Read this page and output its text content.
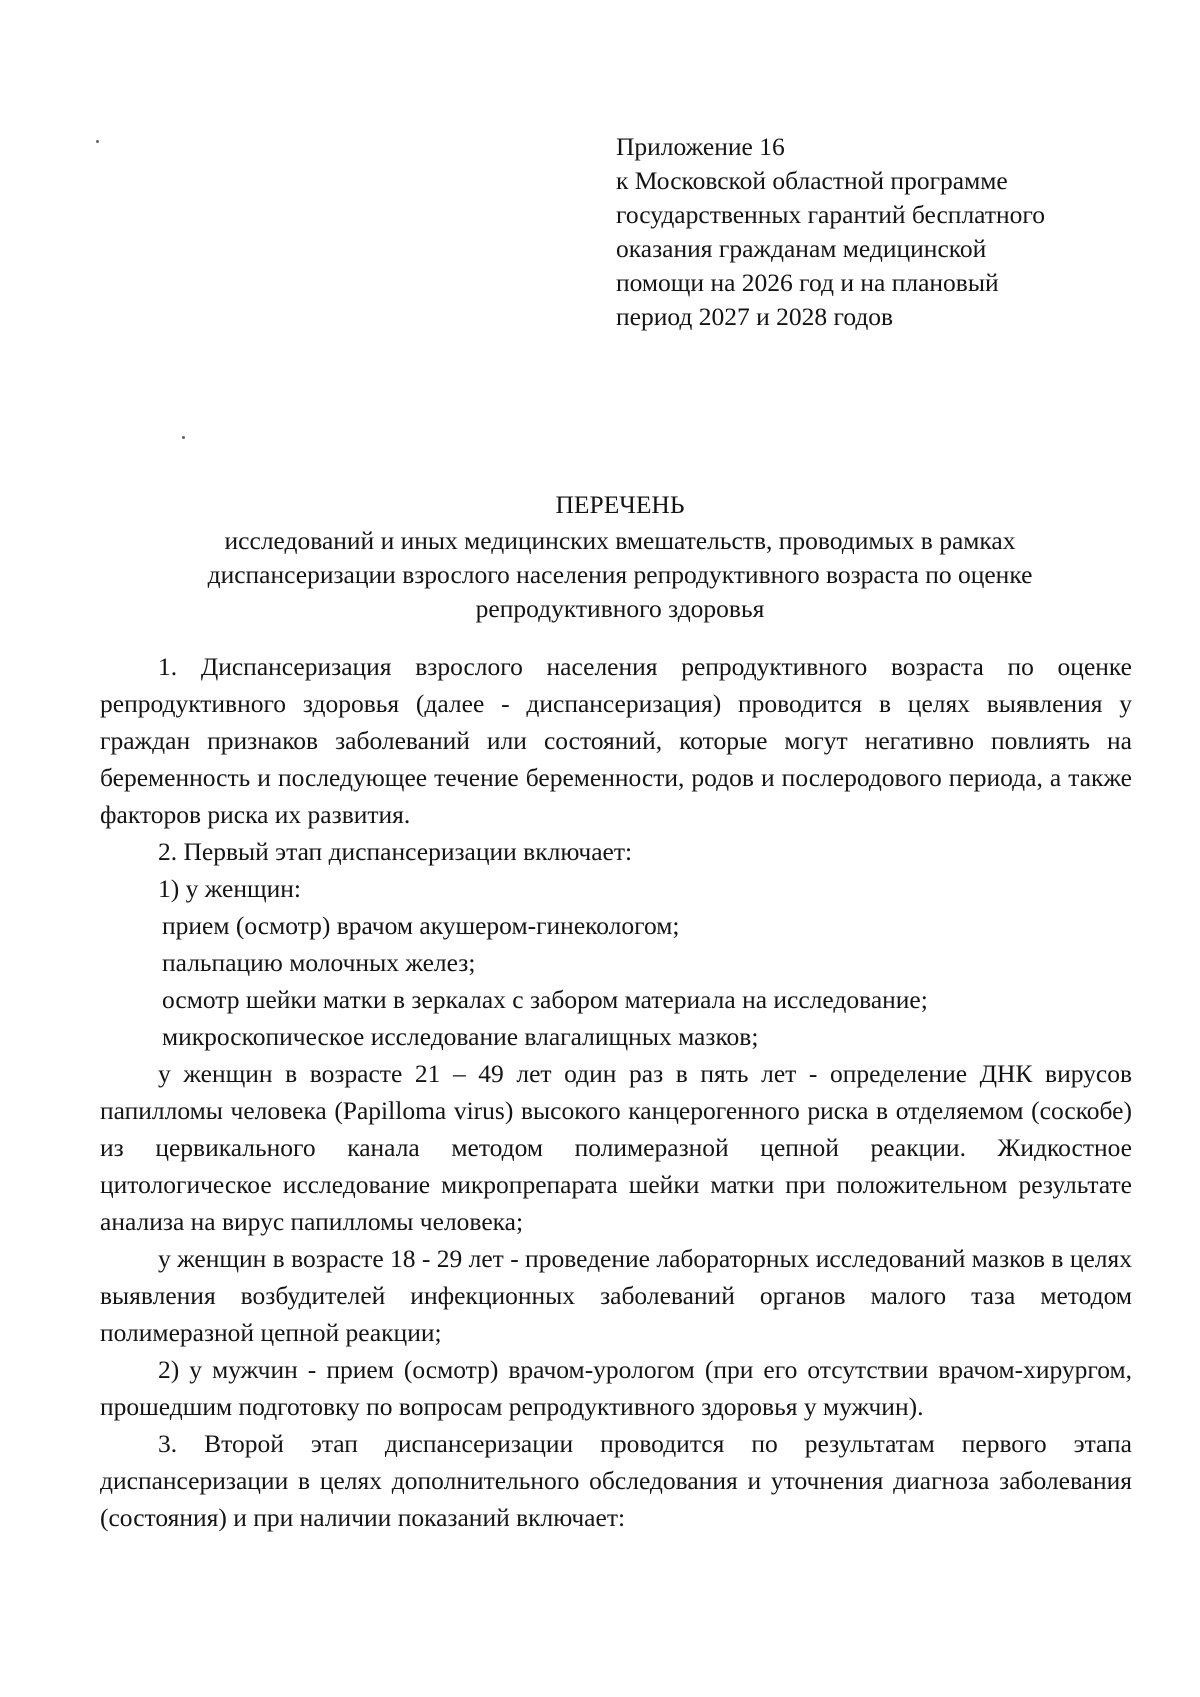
Приложение 16
к Московской областной программе
государственных гарантий бесплатного
оказания гражданам медицинской
помощи на 2026 год и на плановый
период 2027 и 2028 годов
ПЕРЕЧЕНЬ
исследований и иных медицинских вмешательств, проводимых в рамках
диспансеризации взрослого населения репродуктивного возраста по оценке
репродуктивного здоровья

1. Диспансеризация взрослого населения репродуктивного возраста по оценке репродуктивного здоровья (далее - диспансеризация) проводится в целях выявления у граждан признаков заболеваний или состояний, которые могут негативно повлиять на беременность и последующее течение беременности, родов и послеродового периода, а также факторов риска их развития.

2. Первый этап диспансеризации включает:

1) у женщин:

прием (осмотр) врачом акушером-гинекологом;

пальпацию молочных желез;

осмотр шейки матки в зеркалах с забором материала на исследование;

микроскопическое исследование влагалищных мазков;

у женщин в возрасте 21 – 49 лет один раз в пять лет - определение ДНК вирусов папилломы человека (Papilloma virus) высокого канцерогенного риска в отделяемом (соскобе) из цервикального канала методом полимеразной цепной реакции. Жидкостное цитологическое исследование микропрепарата шейки матки при положительном результате анализа на вирус папилломы человека;

у женщин в возрасте 18 - 29 лет - проведение лабораторных исследований мазков в целях выявления возбудителей инфекционных заболеваний органов малого таза методом полимеразной цепной реакции;

2) у мужчин - прием (осмотр) врачом-урологом (при его отсутствии врачом-хирургом, прошедшим подготовку по вопросам репродуктивного здоровья у мужчин).

3. Второй этап диспансеризации проводится по результатам первого этапа диспансеризации в целях дополнительного обследования и уточнения диагноза заболевания (состояния) и при наличии показаний включает:
